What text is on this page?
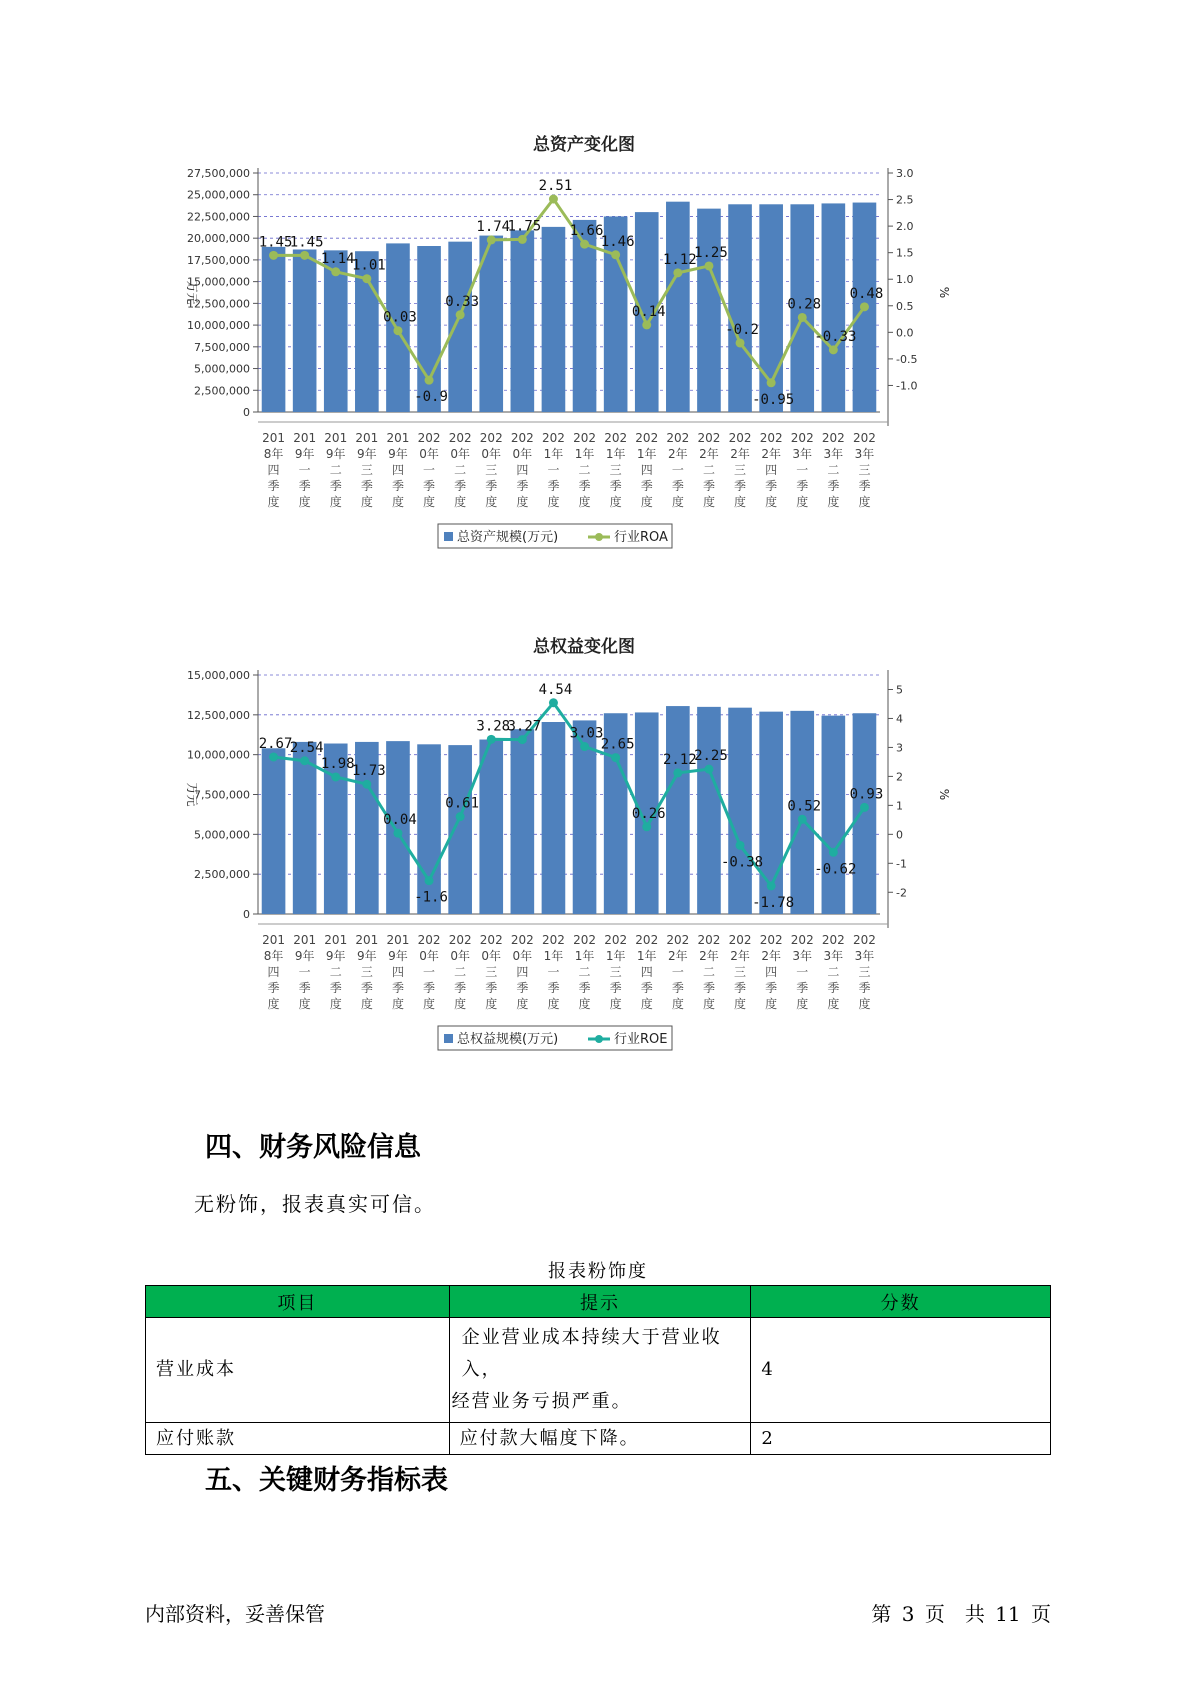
总资产变化图
0
2,500,000
5,000,000
7,500,000
10,000,000
12,500,000
15,000,000
17,500,000
20,000,000
22,500,000
25,000,000
27,500,000
-1.0
-0.5
0.0
0.5
1.0
1.5
2.0
2.5
3.0
万元	%
201
8年
四
季
度
201
9年
一
季
度
201
9年
二
季
度
201
9年
三
季
度
201
9年
四
季
度
202
0年
一
季
度
202
0年
二
季
度
202
0年
三
季
度
202
0年
四
季
度
202
1年
一
季
度
202
1年
二
季
度
202
1年
三
季
度
202
1年
四
季
度
202
2年
一
季
度
202
2年
二
季
度
202
2年
三
季
度
202
2年
四
季
度
202
3年
一
季
度
202
3年
二
季
度
202
3年
三
季
度
1.45
1.45
1.14
1.01
0.03
-0.9
0.33
1.74
1.75
2.51
1.66
1.46
0.14
1.12
1.25
-0.2
-0.95
0.28
-0.33
0.48
总资产规模(万元)	行业ROA
总权益变化图
0
2,500,000
5,000,000
7,500,000
10,000,000
12,500,000
15,000,000
-2
-1
0
1
2
3
4
5
万元	%
201
8年
四
季
度
201
9年
一
季
度
201
9年
二
季
度
201
9年
三
季
度
201
9年
四
季
度
202
0年
一
季
度
202
0年
二
季
度
202
0年
三
季
度
202
0年
四
季
度
202
1年
一
季
度
202
1年
二
季
度
202
1年
三
季
度
202
1年
四
季
度
202
2年
一
季
度
202
2年
二
季
度
202
2年
三
季
度
202
2年
四
季
度
202
3年
一
季
度
202
3年
二
季
度
202
3年
三
季
度
2.67
2.54
1.98
1.73
0.04
-1.6
0.61
3.28
3.27
4.54
3.03
2.65
0.26
2.12
2.25
-0.38
-1.78
0.52
-0.62
0.93
总权益规模(万元)	行业ROE
四、财务风险信息
无粉饰，报表真实可信。
报表粉饰度
项目	提示	分数
营业成本	企业营业成本持续大于营业收入，
经营业务亏损严重。	4
应付账款	应付款大幅度下降。	2
五、关键财务指标表
内部资料，妥善保管	第 3 页　共 11 页
